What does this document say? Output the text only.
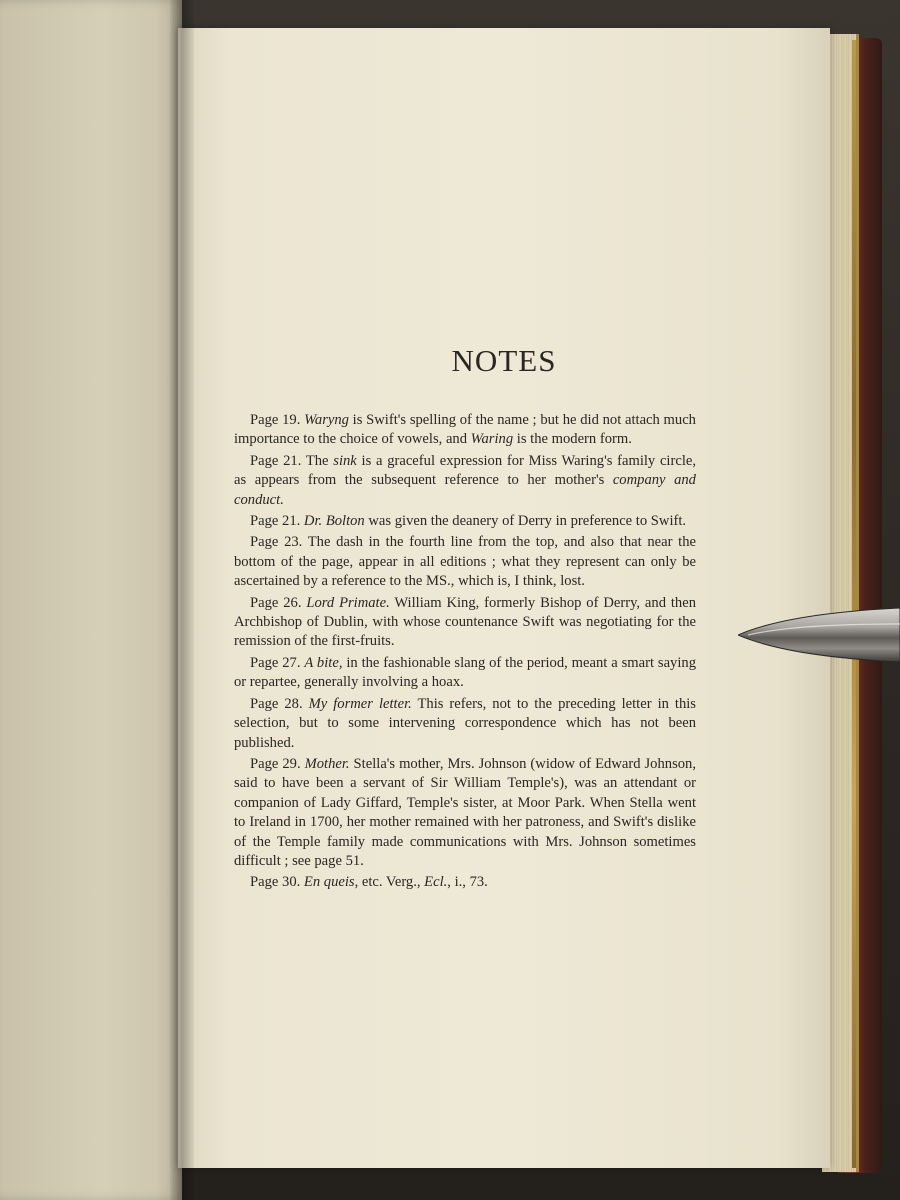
NOTES

Page 19. Waryng is Swift's spelling of the name ; but he did not attach much importance to the choice of vowels, and Waring is the modern form.

Page 21. The sink is a graceful expression for Miss Waring's family circle, as appears from the subsequent reference to her mother's company and conduct.

Page 21. Dr. Bolton was given the deanery of Derry in preference to Swift.

Page 23. The dash in the fourth line from the top, and also that near the bottom of the page, appear in all editions ; what they represent can only be ascertained by a reference to the MS., which is, I think, lost.

Page 26. Lord Primate. William King, formerly Bishop of Derry, and then Archbishop of Dublin, with whose countenance Swift was negotiating for the remission of the first-fruits.

Page 27. A bite, in the fashionable slang of the period, meant a smart saying or repartee, generally involving a hoax.

Page 28. My former letter. This refers, not to the preceding letter in this selection, but to some intervening correspondence which has not been published.

Page 29. Mother. Stella's mother, Mrs. Johnson (widow of Edward Johnson, said to have been a servant of Sir William Temple's), was an attendant or companion of Lady Giffard, Temple's sister, at Moor Park. When Stella went to Ireland in 1700, her mother remained with her patroness, and Swift's dislike of the Temple family made communications with Mrs. Johnson sometimes difficult ; see page 51.

Page 30. En queis, etc. Verg., Ecl., i., 73.
